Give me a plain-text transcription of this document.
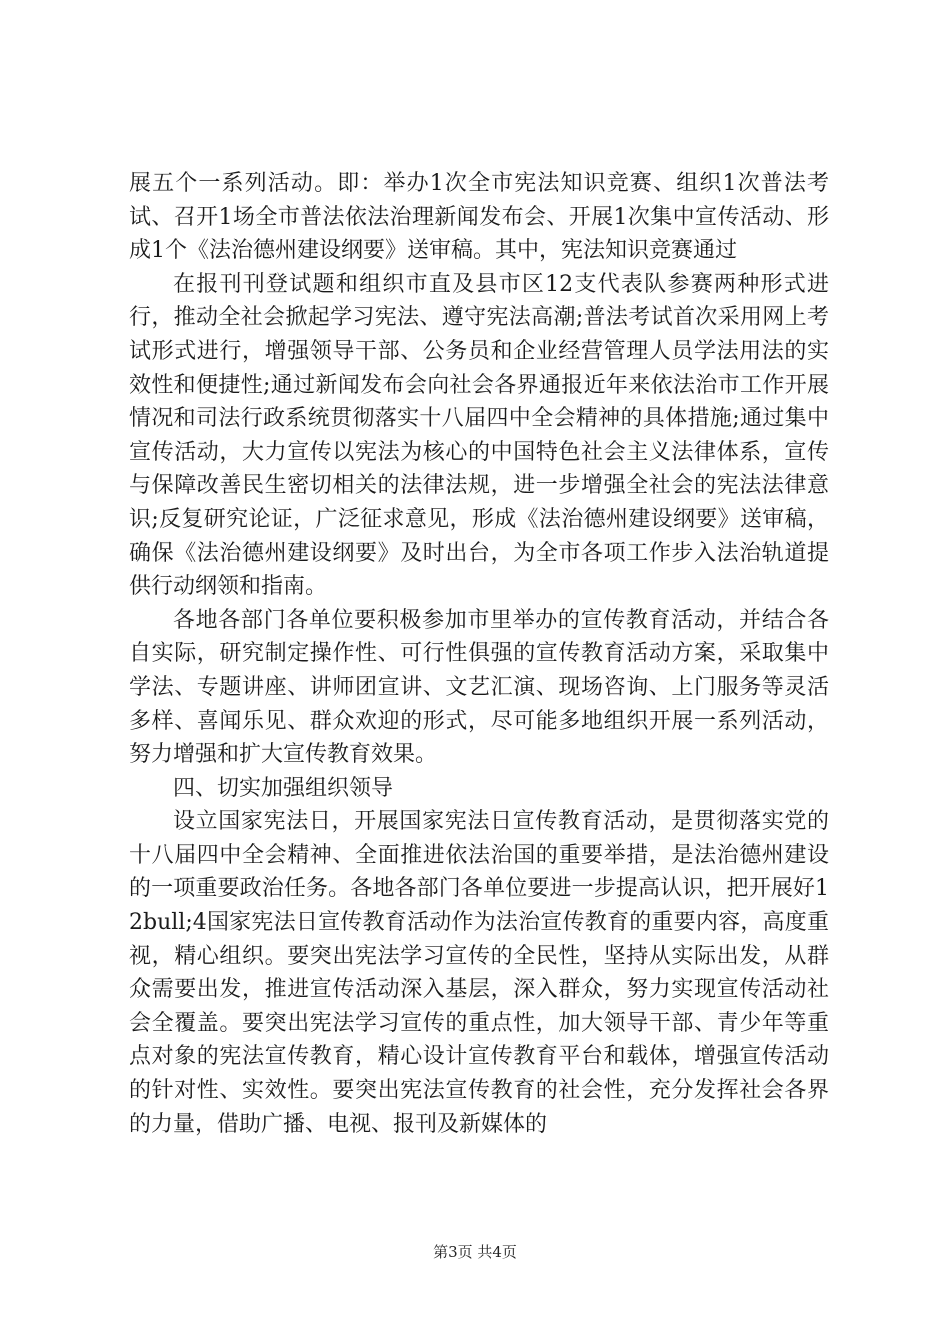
展五个一系列活动。即：举办1次全市宪法知识竞赛、组织1次普法考试、召开1场全市普法依法治理新闻发布会、开展1次集中宣传活动、形成1个《法治德州建设纲要》送审稿。其中，宪法知识竞赛通过

在报刊刊登试题和组织市直及县市区12支代表队参赛两种形式进行，推动全社会掀起学习宪法、遵守宪法高潮;普法考试首次采用网上考试形式进行，增强领导干部、公务员和企业经营管理人员学法用法的实效性和便捷性;通过新闻发布会向社会各界通报近年来依法治市工作开展情况和司法行政系统贯彻落实十八届四中全会精神的具体措施;通过集中宣传活动，大力宣传以宪法为核心的中国特色社会主义法律体系，宣传与保障改善民生密切相关的法律法规，进一步增强全社会的宪法法律意识;反复研究论证，广泛征求意见，形成《法治德州建设纲要》送审稿，确保《法治德州建设纲要》及时出台，为全市各项工作步入法治轨道提供行动纲领和指南。

各地各部门各单位要积极参加市里举办的宣传教育活动，并结合各自实际，研究制定操作性、可行性俱强的宣传教育活动方案，采取集中学法、专题讲座、讲师团宣讲、文艺汇演、现场咨询、上门服务等灵活多样、喜闻乐见、群众欢迎的形式，尽可能多地组织开展一系列活动，努力增强和扩大宣传教育效果。

四、切实加强组织领导

设立国家宪法日，开展国家宪法日宣传教育活动，是贯彻落实党的十八届四中全会精神、全面推进依法治国的重要举措，是法治德州建设的一项重要政治任务。各地各部门各单位要进一步提高认识，把开展好12bull;4国家宪法日宣传教育活动作为法治宣传教育的重要内容，高度重视，精心组织。要突出宪法学习宣传的全民性，坚持从实际出发，从群众需要出发，推进宣传活动深入基层，深入群众，努力实现宣传活动社会全覆盖。要突出宪法学习宣传的重点性，加大领导干部、青少年等重点对象的宪法宣传教育，精心设计宣传教育平台和载体，增强宣传活动的针对性、实效性。要突出宪法宣传教育的社会性，充分发挥社会各界的力量，借助广播、电视、报刊及新媒体的

第3页 共4页
